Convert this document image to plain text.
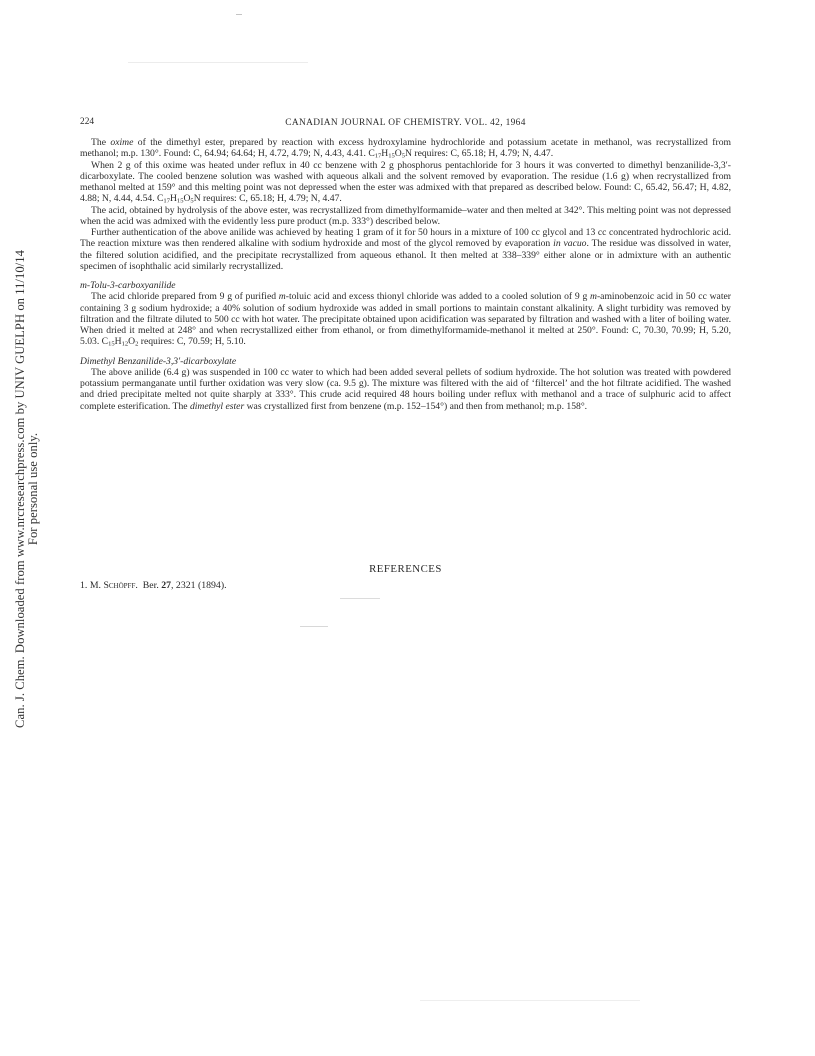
Can. J. Chem. Downloaded from www.nrcresearchpress.com by UNIV GUELPH on 11/10/14 For personal use only.
224	CANADIAN JOURNAL OF CHEMISTRY. VOL. 42, 1964

The oxime of the dimethyl ester, prepared by reaction with excess hydroxylamine hydrochloride and potassium acetate in methanol, was recrystallized from methanol; m.p. 130°. Found: C, 64.94; 64.64; H, 4.72, 4.79; N, 4.43, 4.41. $C_{17}H_{15}O_5N$ requires: C, 65.18; H, 4.79; N, 4.47.

When 2 g of this oxime was heated under reflux in 40 cc benzene with 2 g phosphorus pentachloride for 3 hours it was converted to dimethyl benzanilide-3,3′-dicarboxylate. The cooled benzene solution was washed with aqueous alkali and the solvent removed by evaporation. The residue (1.6 g) when recrystallized from methanol melted at 159° and this melting point was not depressed when the ester was admixed with that prepared as described below. Found: C, 65.42, 56.47; H, 4.82, 4.88; N, 4.44, 4.54. $C_{17}H_{15}O_5N$ requires: C, 65.18; H, 4.79; N, 4.47.

The acid, obtained by hydrolysis of the above ester, was recrystallized from dimethylformamide–water and then melted at 342°. This melting point was not depressed when the acid was admixed with the evidently less pure product (m.p. 333°) described below.

Further authentication of the above anilide was achieved by heating 1 gram of it for 50 hours in a mixture of 100 cc glycol and 13 cc concentrated hydrochloric acid. The reaction mixture was then rendered alkaline with sodium hydroxide and most of the glycol removed by evaporation in vacuo. The residue was dissolved in water, the filtered solution acidified, and the precipitate recrystallized from aqueous ethanol. It then melted at 338–339° either alone or in admixture with an authentic specimen of isophthalic acid similarly recrystallized.

m-Tolu-3-carboxyanilide

The acid chloride prepared from 9 g of purified m-toluic acid and excess thionyl chloride was added to a cooled solution of 9 g m-aminobenzoic acid in 50 cc water containing 3 g sodium hydroxide; a 40% solution of sodium hydroxide was added in small portions to maintain constant alkalinity. A slight turbidity was removed by filtration and the filtrate diluted to 500 cc with hot water. The precipitate obtained upon acidification was separated by filtration and washed with a liter of boiling water. When dried it melted at 248° and when recrystallized either from ethanol, or from dimethylformamide-methanol it melted at 250°. Found: C, 70.30, 70.99; H, 5.20, 5.03. $C_{15}H_{12}O_2$ requires: C, 70.59; H, 5.10.

Dimethyl Benzanilide-3,3′-dicarboxylate

The above anilide (6.4 g) was suspended in 100 cc water to which had been added several pellets of sodium hydroxide. The hot solution was treated with powdered potassium permanganate until further oxidation was very slow (ca. 9.5 g). The mixture was filtered with the aid of ‘filtercel’ and the hot filtrate acidified. The washed and dried precipitate melted not quite sharply at 333°. This crude acid required 48 hours boiling under reflux with methanol and a trace of sulphuric acid to affect complete esterification. The dimethyl ester was crystallized first from benzene (m.p. 152–154°) and then from methanol; m.p. 158°.

REFERENCES
1. M. Schöpff. Ber. 27, 2321 (1894).
